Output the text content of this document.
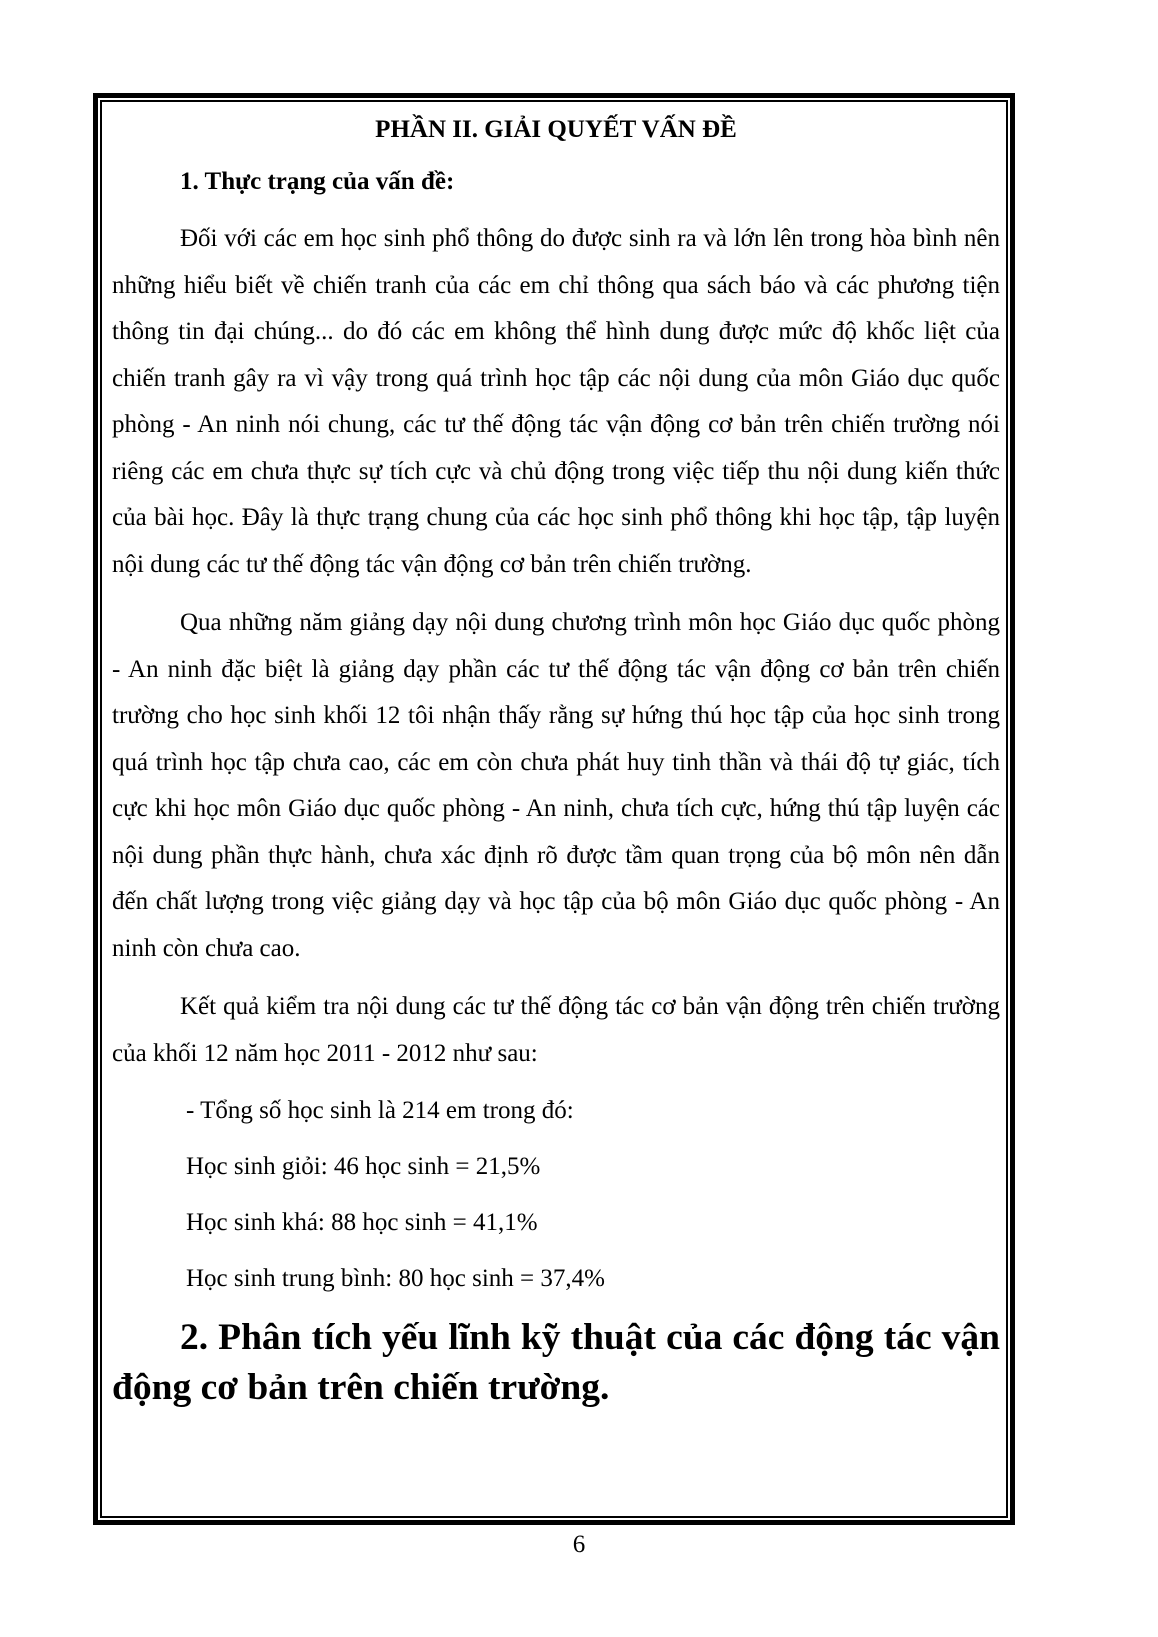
PHẦN II. GIẢI QUYẾT VẤN ĐỀ
1. Thực trạng của vấn đề:

Đối với các em học sinh phổ thông do được sinh ra và lớn lên trong hòa bình nên những hiểu biết về chiến tranh của các em chỉ thông qua sách báo và các phương tiện thông tin đại chúng... do đó các em không thể hình dung được mức độ khốc liệt của chiến tranh gây ra vì vậy trong quá trình học tập các nội dung của môn Giáo dục quốc phòng - An ninh nói chung, các tư thế động tác vận động cơ bản trên chiến trường nói riêng các em chưa thực sự tích cực và chủ động trong việc tiếp thu nội dung kiến thức của bài học. Đây là thực trạng chung của các học sinh phổ thông khi học tập, tập luyện nội dung các tư thế động tác vận động cơ bản trên chiến trường.

Qua những năm giảng dạy nội dung chương trình môn học Giáo dục quốc phòng - An ninh đặc biệt là giảng dạy phần các tư thế động tác vận động cơ bản trên chiến trường cho học sinh khối 12 tôi nhận thấy rằng sự hứng thú học tập của học sinh trong quá trình học tập chưa cao, các em còn chưa phát huy tinh thần và thái độ tự giác, tích cực khi học môn Giáo dục quốc phòng - An ninh, chưa tích cực, hứng thú tập luyện các nội dung phần thực hành, chưa xác định rõ được tầm quan trọng của bộ môn nên dẫn đến chất lượng trong việc giảng dạy và học tập của bộ môn Giáo dục quốc phòng - An ninh còn chưa cao.

Kết quả kiểm tra nội dung các tư thế động tác cơ bản vận động trên chiến trường của khối 12 năm học 2011 - 2012 như sau:

- Tổng số học sinh là 214 em trong đó:

Học sinh giỏi: 46 học sinh = 21,5%

Học sinh khá: 88 học sinh = 41,1%

Học sinh trung bình: 80 học sinh = 37,4%

2. Phân tích yếu lĩnh kỹ thuật của các động tác vận động cơ bản trên chiến trường.
6
